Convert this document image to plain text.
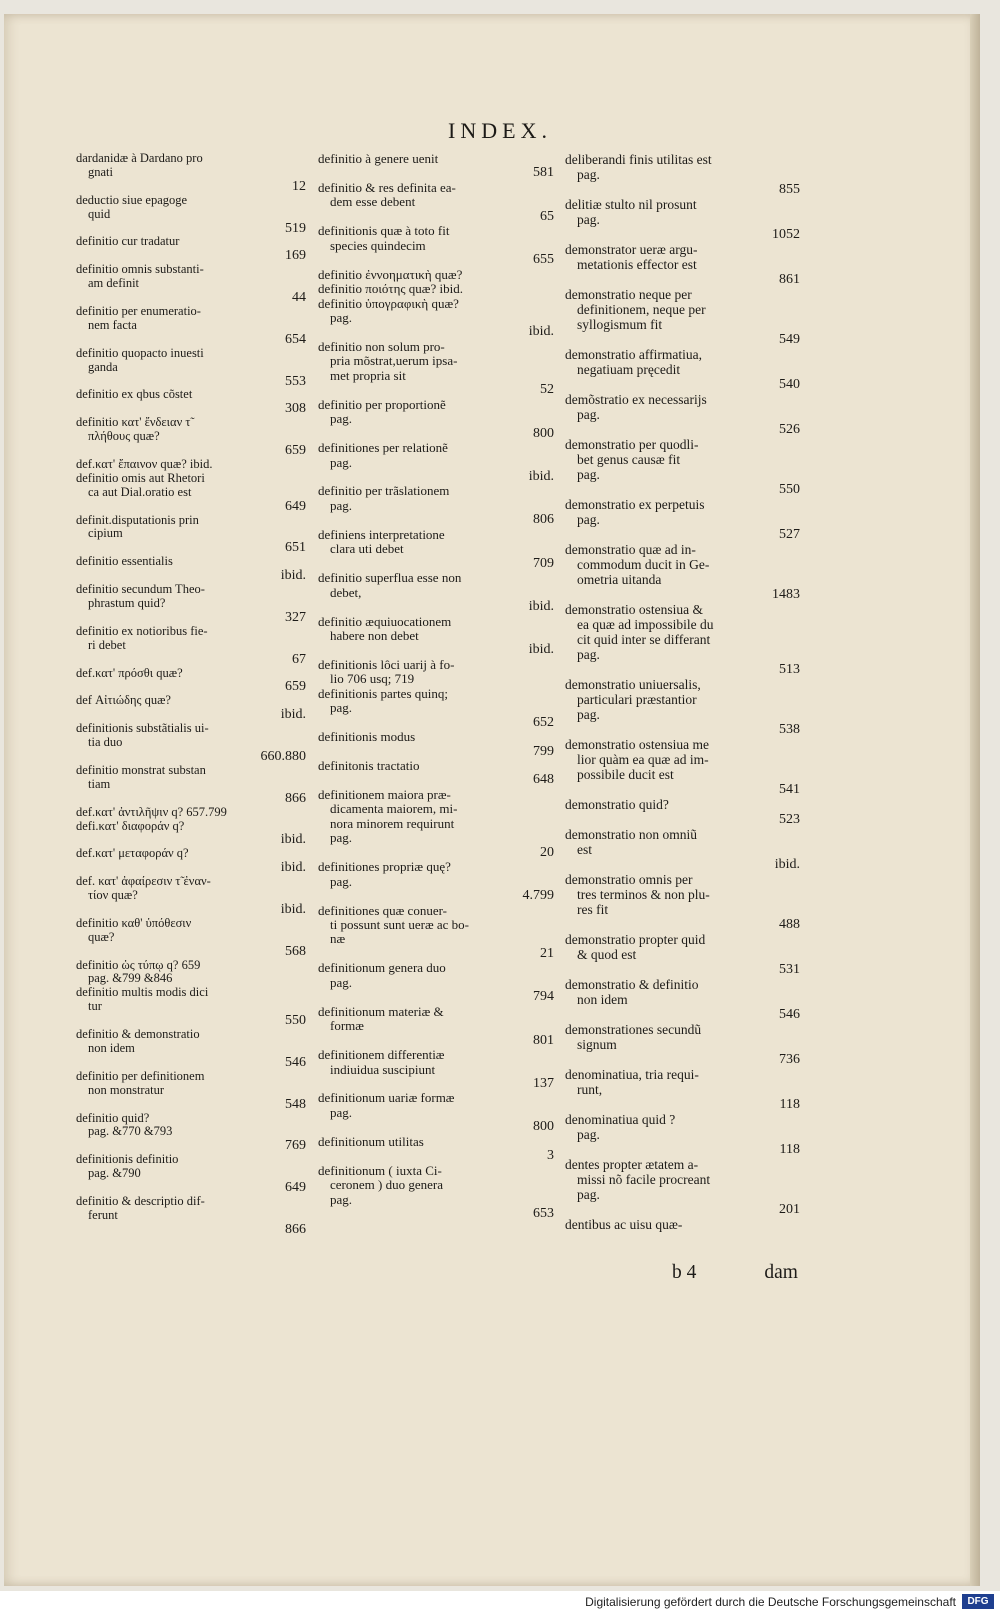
INDEX.
dardanidæ à Dardano pro
gnati
12
deductio siue epagoge
quid
519
definitio cur tradatur
169
definitio omnis substanti-
am definit
44
definitio per enumeratio-
nem facta
654
definitio quopacto inuesti
ganda
553
definitio ex qbus cõstet
308
definitio κατ' ἔνδειαν τ̃
πλήθους quæ?
659
def.κατ' ἔπαινον quæ? ibid.
definitio omis aut Rhetori
ca aut Dial.oratio est
649
definit.disputationis prin
cipium
651
definitio essentialis
ibid.
definitio secundum Theo-
phrastum quid?
327
definitio ex notioribus fie-
ri debet
67
def.κατ' πρόσθι quæ?
659
def Αἰτιώδης quæ?
ibid.
definitionis substãtialis ui-
tia duo
660.880
definitio monstrat substan
tiam
866
def.κατ' ἀντιλῆψιν q? 657.799
defi.κατ' διαφοράν q?
ibid.
def.κατ' μεταφοράν q?
ibid.
def. κατ' ἀφαίρεσιν τ̃ ἐναν-
τίον quæ?
ibid.
definitio καθ' ὑπόθεσιν
quæ?
568
definitio ὡς τύπῳ q? 659
pag. &799 &846
definitio multis modis dici
tur
550
definitio & demonstratio
non idem
546
definitio per definitionem
non monstratur
548
definitio quid?
pag. &770 &793
769
definitionis definitio
pag. &790
649
definitio & descriptio dif-
ferunt
866
definitio à genere uenit
581
definitio & res definita ea-
dem esse debent
65
definitionis quæ à toto fit
species quindecim
655
definitio ἐννοηματικὴ quæ?
definitio ποιότης quæ? ibid.
definitio ὑπογραφικὴ quæ?
pag.
ibid.
definitio non solum pro-
pria mõstrat,uerum ipsa-
met propria sit
52
definitio per proportionẽ
pag.
800
definitiones per relationẽ
pag.
ibid.
definitio per trãslationem
pag.
806
definiens interpretatione
clara uti debet
709
definitio superflua esse non
debet,
ibid.
definitio æquiuocationem
habere non debet
ibid.
definitionis lôci uarij à fo-
lio 706 usq; 719
definitionis partes quinq;
pag.
652
definitionis modus
799
definitonis tractatio
648
definitionem maiora præ-
dicamenta maiorem, mi-
nora minorem requirunt
pag.
20
definitiones propriæ quę?
pag.
4.799
definitiones quæ conuer-
ti possunt sunt ueræ ac bo-
næ
21
definitionum genera duo
pag.
794
definitionum materiæ &
formæ
801
definitionem differentiæ
indiuidua suscipiunt
137
definitionum uariæ formæ
pag.
800
definitionum utilitas
3
definitionum ( iuxta Ci-
ceronem ) duo genera
pag.
653
deliberandi finis utilitas est
pag.
855
delitiæ stulto nil prosunt
pag.
1052
demonstrator ueræ argu-
metationis effector est
861
demonstratio neque per
definitionem, neque per
syllogismum fit
549
demonstratio affirmatiua,
negatiuam pręcedit
540
demõstratio ex necessarijs
pag.
526
demonstratio per quodli-
bet genus causæ fit
pag.
550
demonstratio ex perpetuis
pag.
527
demonstratio quæ ad in-
commodum ducit in Ge-
ometria uitanda
1483
demonstratio ostensiua &
ea quæ ad impossibile du
cit quid inter se differant
pag.
513
demonstratio uniuersalis,
particulari præstantior
pag.
538
demonstratio ostensiua me
lior quàm ea quæ ad im-
possibile ducit est
541
demonstratio quid?
523
demonstratio non omniũ
est
ibid.
demonstratio omnis per
tres terminos & non plu-
res fit
488
demonstratio propter quid
& quod est
531
demonstratio & definitio
non idem
546
demonstrationes secundũ
signum
736
denominatiua, tria requi-
runt,
118
denominatiua quid ?
pag.
118
dentes propter ætatem a-
missi nõ facile procreant
pag.
201
dentibus ac uisu quæ-
b 4	dam
Digitalisierung gefördert durch die Deutsche Forschungsgemeinschaft	DFG
